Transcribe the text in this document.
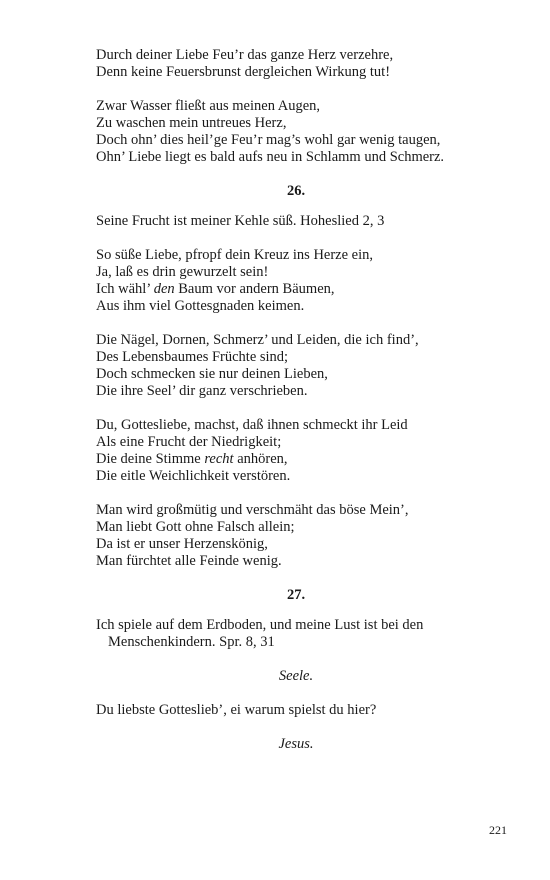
Durch deiner Liebe Feu’r das ganze Herz verzehre,
Denn keine Feuersbrunst dergleichen Wirkung tut!
Zwar Wasser fließt aus meinen Augen,
Zu waschen mein untreues Herz,
Doch ohn’ dies heil’ge Feu’r mag’s wohl gar wenig taugen,
Ohn’ Liebe liegt es bald aufs neu in Schlamm und Schmerz.
26.
Seine Frucht ist meiner Kehle süß. Hoheslied 2, 3
So süße Liebe, pfropf dein Kreuz ins Herze ein,
Ja, laß es drin gewurzelt sein!
Ich wähl’ den Baum vor andern Bäumen,
Aus ihm viel Gottesgnaden keimen.
Die Nägel, Dornen, Schmerz’ und Leiden, die ich find’,
Des Lebensbaumes Früchte sind;
Doch schmecken sie nur deinen Lieben,
Die ihre Seel’ dir ganz verschrieben.
Du, Gottesliebe, machst, daß ihnen schmeckt ihr Leid
Als eine Frucht der Niedrigkeit;
Die deine Stimme recht anhören,
Die eitle Weichlichkeit verstören.
Man wird großmütig und verschmäht das böse Mein’,
Man liebt Gott ohne Falsch allein;
Da ist er unser Herzenskönig,
Man fürchtet alle Feinde wenig.
27.
Ich spiele auf dem Erdboden, und meine Lust ist bei den
Menschenkindern. Spr. 8, 31
Seele.
Du liebste Gotteslieb’, ei warum spielst du hier?
Jesus.
221
